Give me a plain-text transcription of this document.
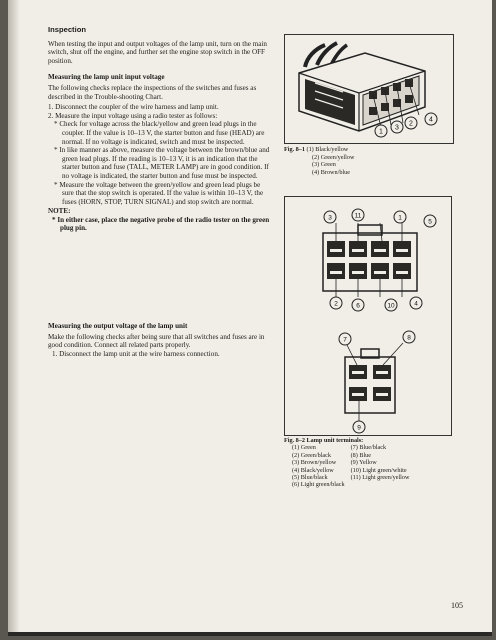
Inspection

When testing the input and output voltages of the lamp unit, turn on the main switch, shut off the engine, and further set the engine stop switch in the OFF position.

Measuring the lamp unit input voltage

The following checks replace the inspections of the switches and fuses as described in the Trouble-shooting Chart.

1. Disconnect the coupler of the wire harness and lamp unit.
2. Measure the input voltage using a radio tester as follows:
* Check for voltage across the black/yellow and green lead plugs in the coupler. If the value is 10–13 V, the starter button and fuse (HEAD) are normal. If no voltage is indicated, switch and must be inspected.
* In like manner as above, measure the voltage between the brown/blue and green lead plugs. If the reading is 10–13 V, it is an indication that the starter button and fuse (TALL, METER LAMP) are in good condition. If no voltage is indicated, the starter button and fuse must be inspected.
* Measure the voltage between the green/yellow and green lead plugs be sure that the stop switch is operated. If the value is within 10–13 V, the fuses (HORN, STOP, TURN SIGNAL) and stop switch are normal.
NOTE:
* In either case, place the negative probe of the radio tester on the green plug pin.
Measuring the output voltage of the lamp unit

Make the following checks after being sure that all switches and fuses are in good condition. Connect all related parts properly.

1. Disconnect the lamp unit at the wire harness connection.

1
3
2
4
Fig. 8–1
(1) Black/yellow
(2) Green/yellow
(3) Green
(4) Brown/blue
3	11	1
5
2	6	10	4
7	8
9
Fig. 8–2 Lamp unit terminals:
(1) Green	(7) Blue/black
(2) Green/black	(8) Blue
(3) Brown/yellow	(9) Yellow
(4) Black/yellow	(10) Light green/white
(5) Blue/black	(11) Light green/yellow
(6) Light green/black	
105
